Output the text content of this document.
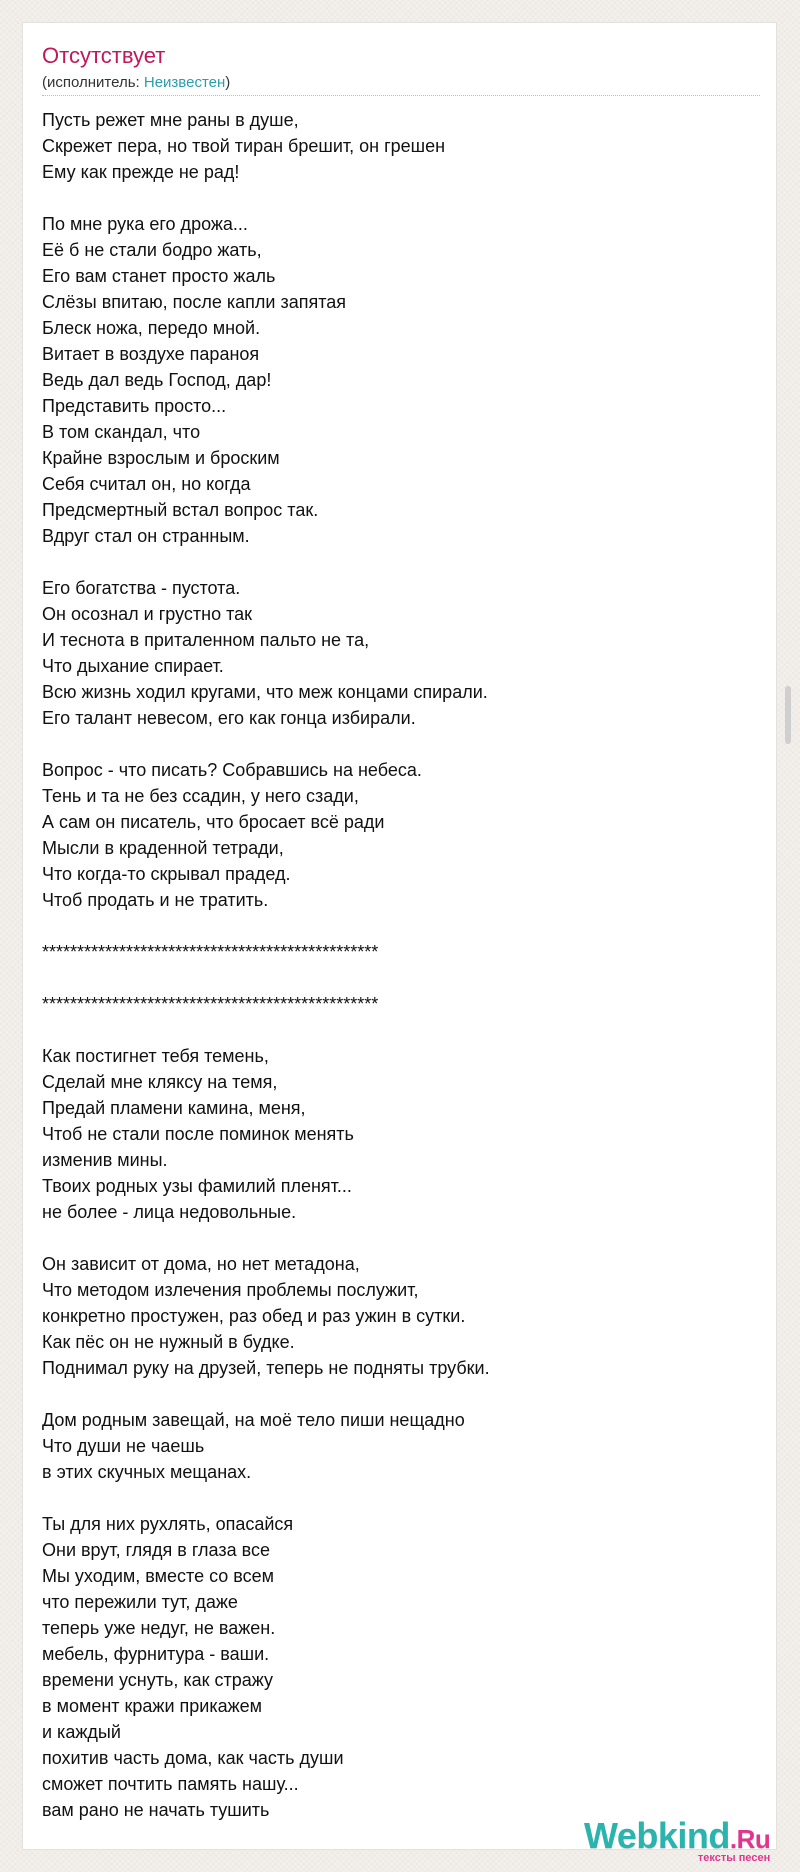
Отсутствует
(исполнитель: Неизвестен)
Пусть режет мне раны в душе,
Скрежет пера, но твой тиран брешит, он грешен
Ему как прежде не рад!
По мне рука его дрожа...
Её б не стали бодро жать,
Его вам станет просто жаль
Слёзы впитаю, после капли запятая
Блеск ножа, передо мной.
Витает в воздухе параноя
Ведь дал ведь Господ, дар!
Представить просто...
В том скандал, что
Крайне взрослым и броским
Себя считал он, но когда
Предсмертный встал вопрос так.
Вдруг стал он странным.
Его богатства - пустота.
Он осознал и грустно так
И теснота в приталенном пальто не та,
Что дыхание спирает.
Всю жизнь ходил кругами, что меж концами спирали.
Его талант невесом, его как гонца избирали.
Вопрос - что писать? Собравшись на небеса.
Тень и та не без ссадин, у него сзади,
А сам он писатель, что бросает всё ради
Мысли в краденной тетради,
Что когда-то скрывал прадед.
Чтоб продать и не тратить.
************************************************
************************************************
Как постигнет тебя темень,
Сделай мне кляксу на темя,
Предай пламени камина, меня,
Чтоб не стали после поминок менять
изменив мины.
Твоих родных узы фамилий пленят...
не более - лица недовольные.
Он зависит от дома, но нет метадона,
Что методом излечения проблемы послужит,
конкретно простужен, раз обед и раз ужин в сутки.
Как пёс он не нужный в будке.
Поднимал руку на друзей, теперь не подняты трубки.
Дом родным завещай, на моё тело пиши нещадно
Что души не чаешь
в этих скучных мещанах.
Ты для них рухлять, опасайся
Они врут, глядя в глаза все
Мы уходим, вместе со всем
что пережили тут, даже
теперь уже недуг, не важен.
мебель, фурнитура - ваши.
времени уснуть, как стражу
в момент кражи прикажем
и каждый
похитив часть дома, как часть души
сможет почтить память нашу...
вам рано не начать тушить
Webkind.Ru
тексты песен
